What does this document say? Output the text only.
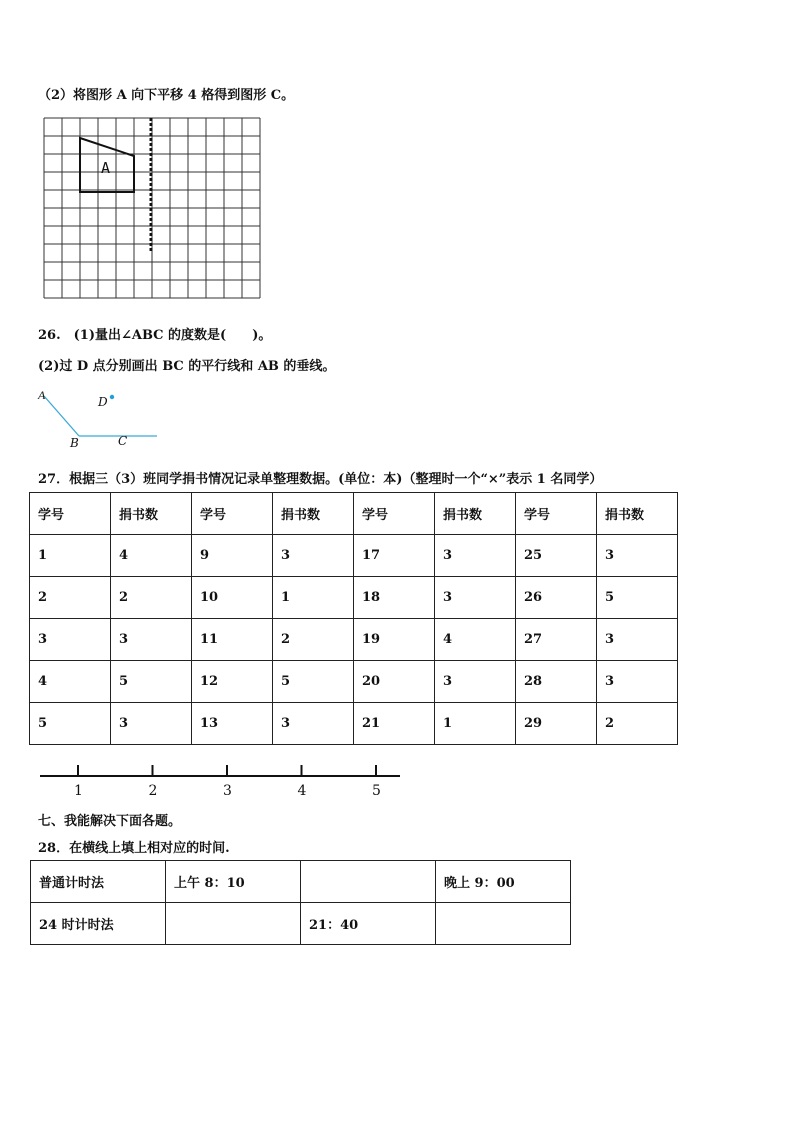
（2）将图形 A 向下平移 4 格得到图形 C。
A
26.　(1)量出∠ABC 的度数是(　　)。
(2)过 D 点分别画出 BC 的平行线和 AB 的垂线。
A
B	C
D
27．根据三（3）班同学捐书情况记录单整理数据。(单位：本)（整理时一个“×”表示 1 名同学）
学号	捐书数	学号	捐书数	学号	捐书数	学号	捐书数
1	4	9	3	17	3	25	3
2	2	10	1	18	3	26	5
3	3	11	2	19	4	27	3
4	5	12	5	20	3	28	3
5	3	13	3	21	1	29	2
1	2	3	4	5
七、我能解决下面各题。
28．在横线上填上相对应的时间.
普通计时法	上午 8：10		晚上 9：00
24 时计时法		21：40	
